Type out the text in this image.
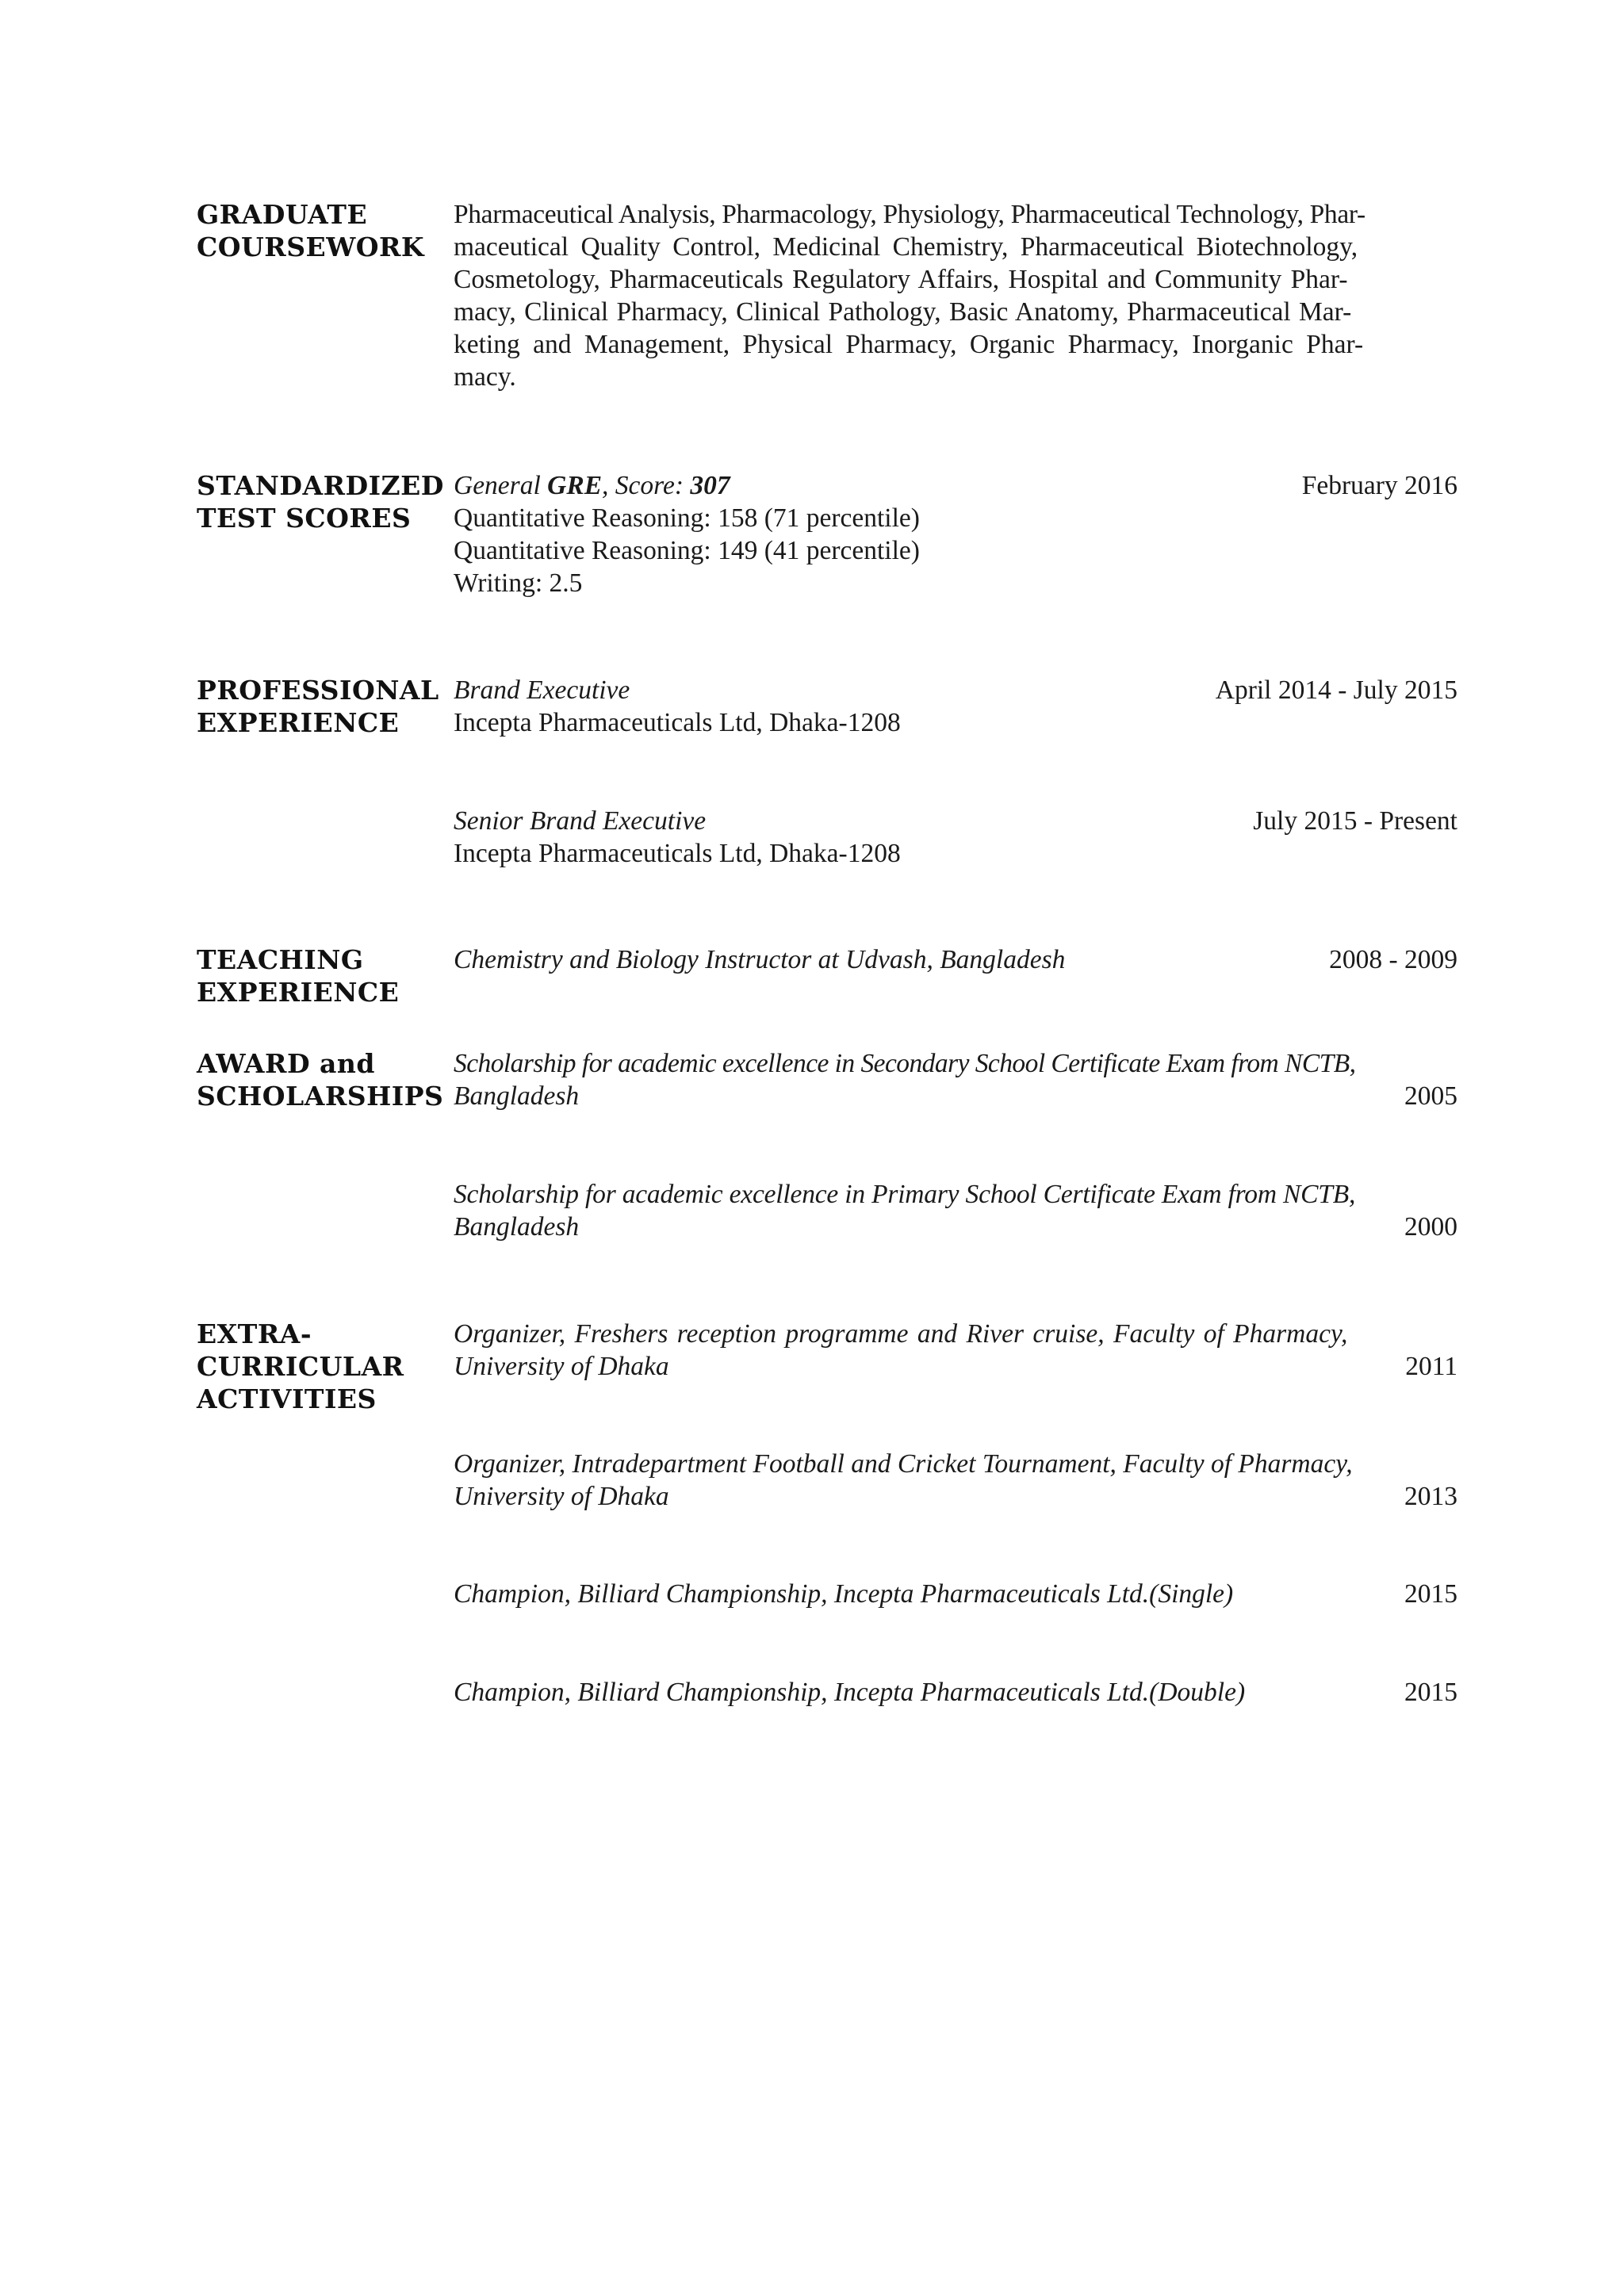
GRADUATE
COURSEWORK
Pharmaceutical Analysis, Pharmacology, Physiology, Pharmaceutical Technology, Phar-
maceutical Quality Control, Medicinal Chemistry, Pharmaceutical Biotechnology,
Cosmetology, Pharmaceuticals Regulatory Affairs, Hospital and Community Phar-
macy, Clinical Pharmacy, Clinical Pathology, Basic Anatomy, Pharmaceutical Mar-
keting and Management, Physical Pharmacy, Organic Pharmacy, Inorganic Phar-
macy.
STANDARDIZED
TEST SCORES
General GRE, Score: 307	February 2016
Quantitative Reasoning: 158 (71 percentile)
Quantitative Reasoning: 149 (41 percentile)
Writing: 2.5
PROFESSIONAL
EXPERIENCE
Brand Executive	April 2014 - July 2015
Incepta Pharmaceuticals Ltd, Dhaka-1208
Senior Brand Executive	July 2015 - Present
Incepta Pharmaceuticals Ltd, Dhaka-1208
TEACHING
EXPERIENCE
Chemistry and Biology Instructor at Udvash, Bangladesh	2008 - 2009
AWARD and
SCHOLARSHIPS
Scholarship for academic excellence in Secondary School Certificate Exam from NCTB,
Bangladesh	2005
Scholarship for academic excellence in Primary School Certificate Exam from NCTB,
Bangladesh	2000
EXTRA-
CURRICULAR
ACTIVITIES
Organizer, Freshers reception programme and River cruise, Faculty of Pharmacy,
University of Dhaka	2011
Organizer, Intradepartment Football and Cricket Tournament, Faculty of Pharmacy,
University of Dhaka	2013
Champion, Billiard Championship, Incepta Pharmaceuticals Ltd.(Single)	2015
Champion, Billiard Championship, Incepta Pharmaceuticals Ltd.(Double)	2015
